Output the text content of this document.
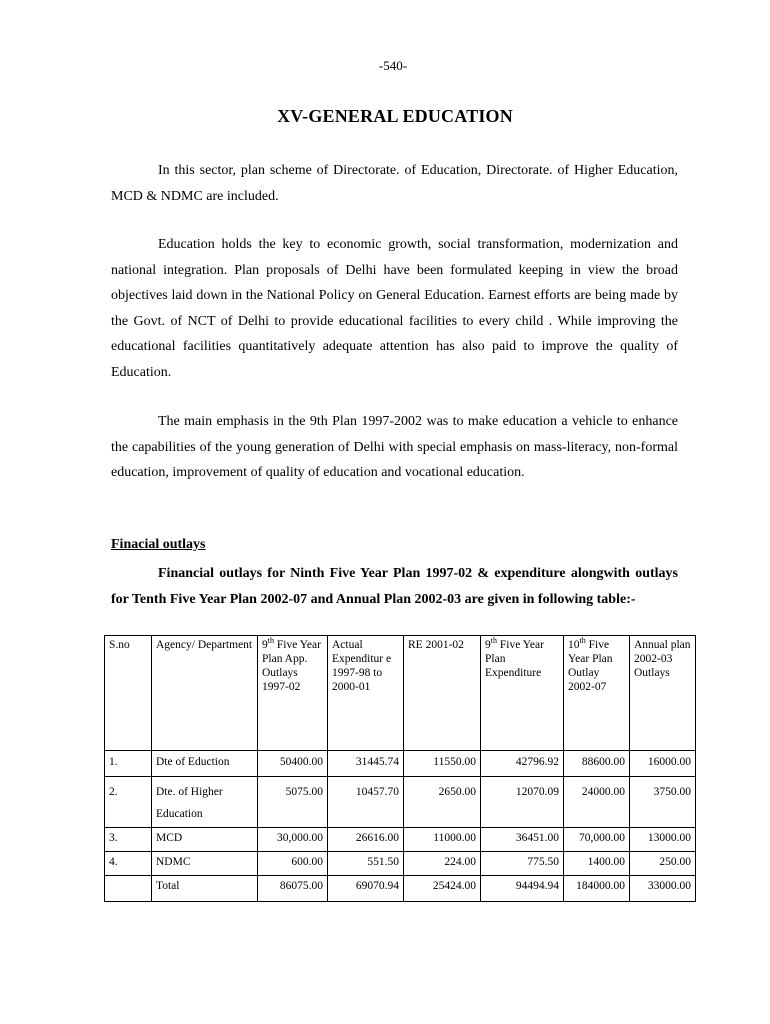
-540-
XV-GENERAL EDUCATION

In this sector, plan scheme of Directorate. of Education, Directorate. of Higher Education, MCD & NDMC are included.

Education holds the key to economic growth, social transformation, modernization and national integration. Plan proposals of Delhi have been formulated keeping in view the broad objectives laid down in the National Policy on General Education. Earnest efforts are being made by the Govt. of NCT of Delhi to provide educational facilities to every child . While improving the educational facilities quantitatively adequate attention has also paid to improve the quality of Education.

The main emphasis in the 9th Plan 1997-2002 was to make education a vehicle to enhance the capabilities of the young generation of Delhi with special emphasis on mass-literacy, non-formal education, improvement of quality of education and vocational education.

Finacial outlays

Financial outlays for Ninth Five Year Plan 1997-02 & expenditure alongwith outlays for Tenth Five Year Plan 2002-07 and Annual Plan 2002-03 are given in following table:-

S.no	Agency/ Department	9th Five Year Plan App. Outlays 1997-02	Actual Expenditur e 1997-98 to 2000-01	RE 2001-02	9th Five Year Plan Expenditure	10th Five Year Plan Outlay 2002-07	Annual plan 2002-03 Outlays
1.	Dte of Eduction	50400.00	31445.74	11550.00	42796.92	88600.00	16000.00
2.	Dte. of Higher Education	5075.00	10457.70	2650.00	12070.09	24000.00	3750.00
3.	MCD	30,000.00	26616.00	11000.00	36451.00	70,000.00	13000.00
4.	NDMC	600.00	551.50	224.00	775.50	1400.00	250.00
	Total	86075.00	69070.94	25424.00	94494.94	184000.00	33000.00
